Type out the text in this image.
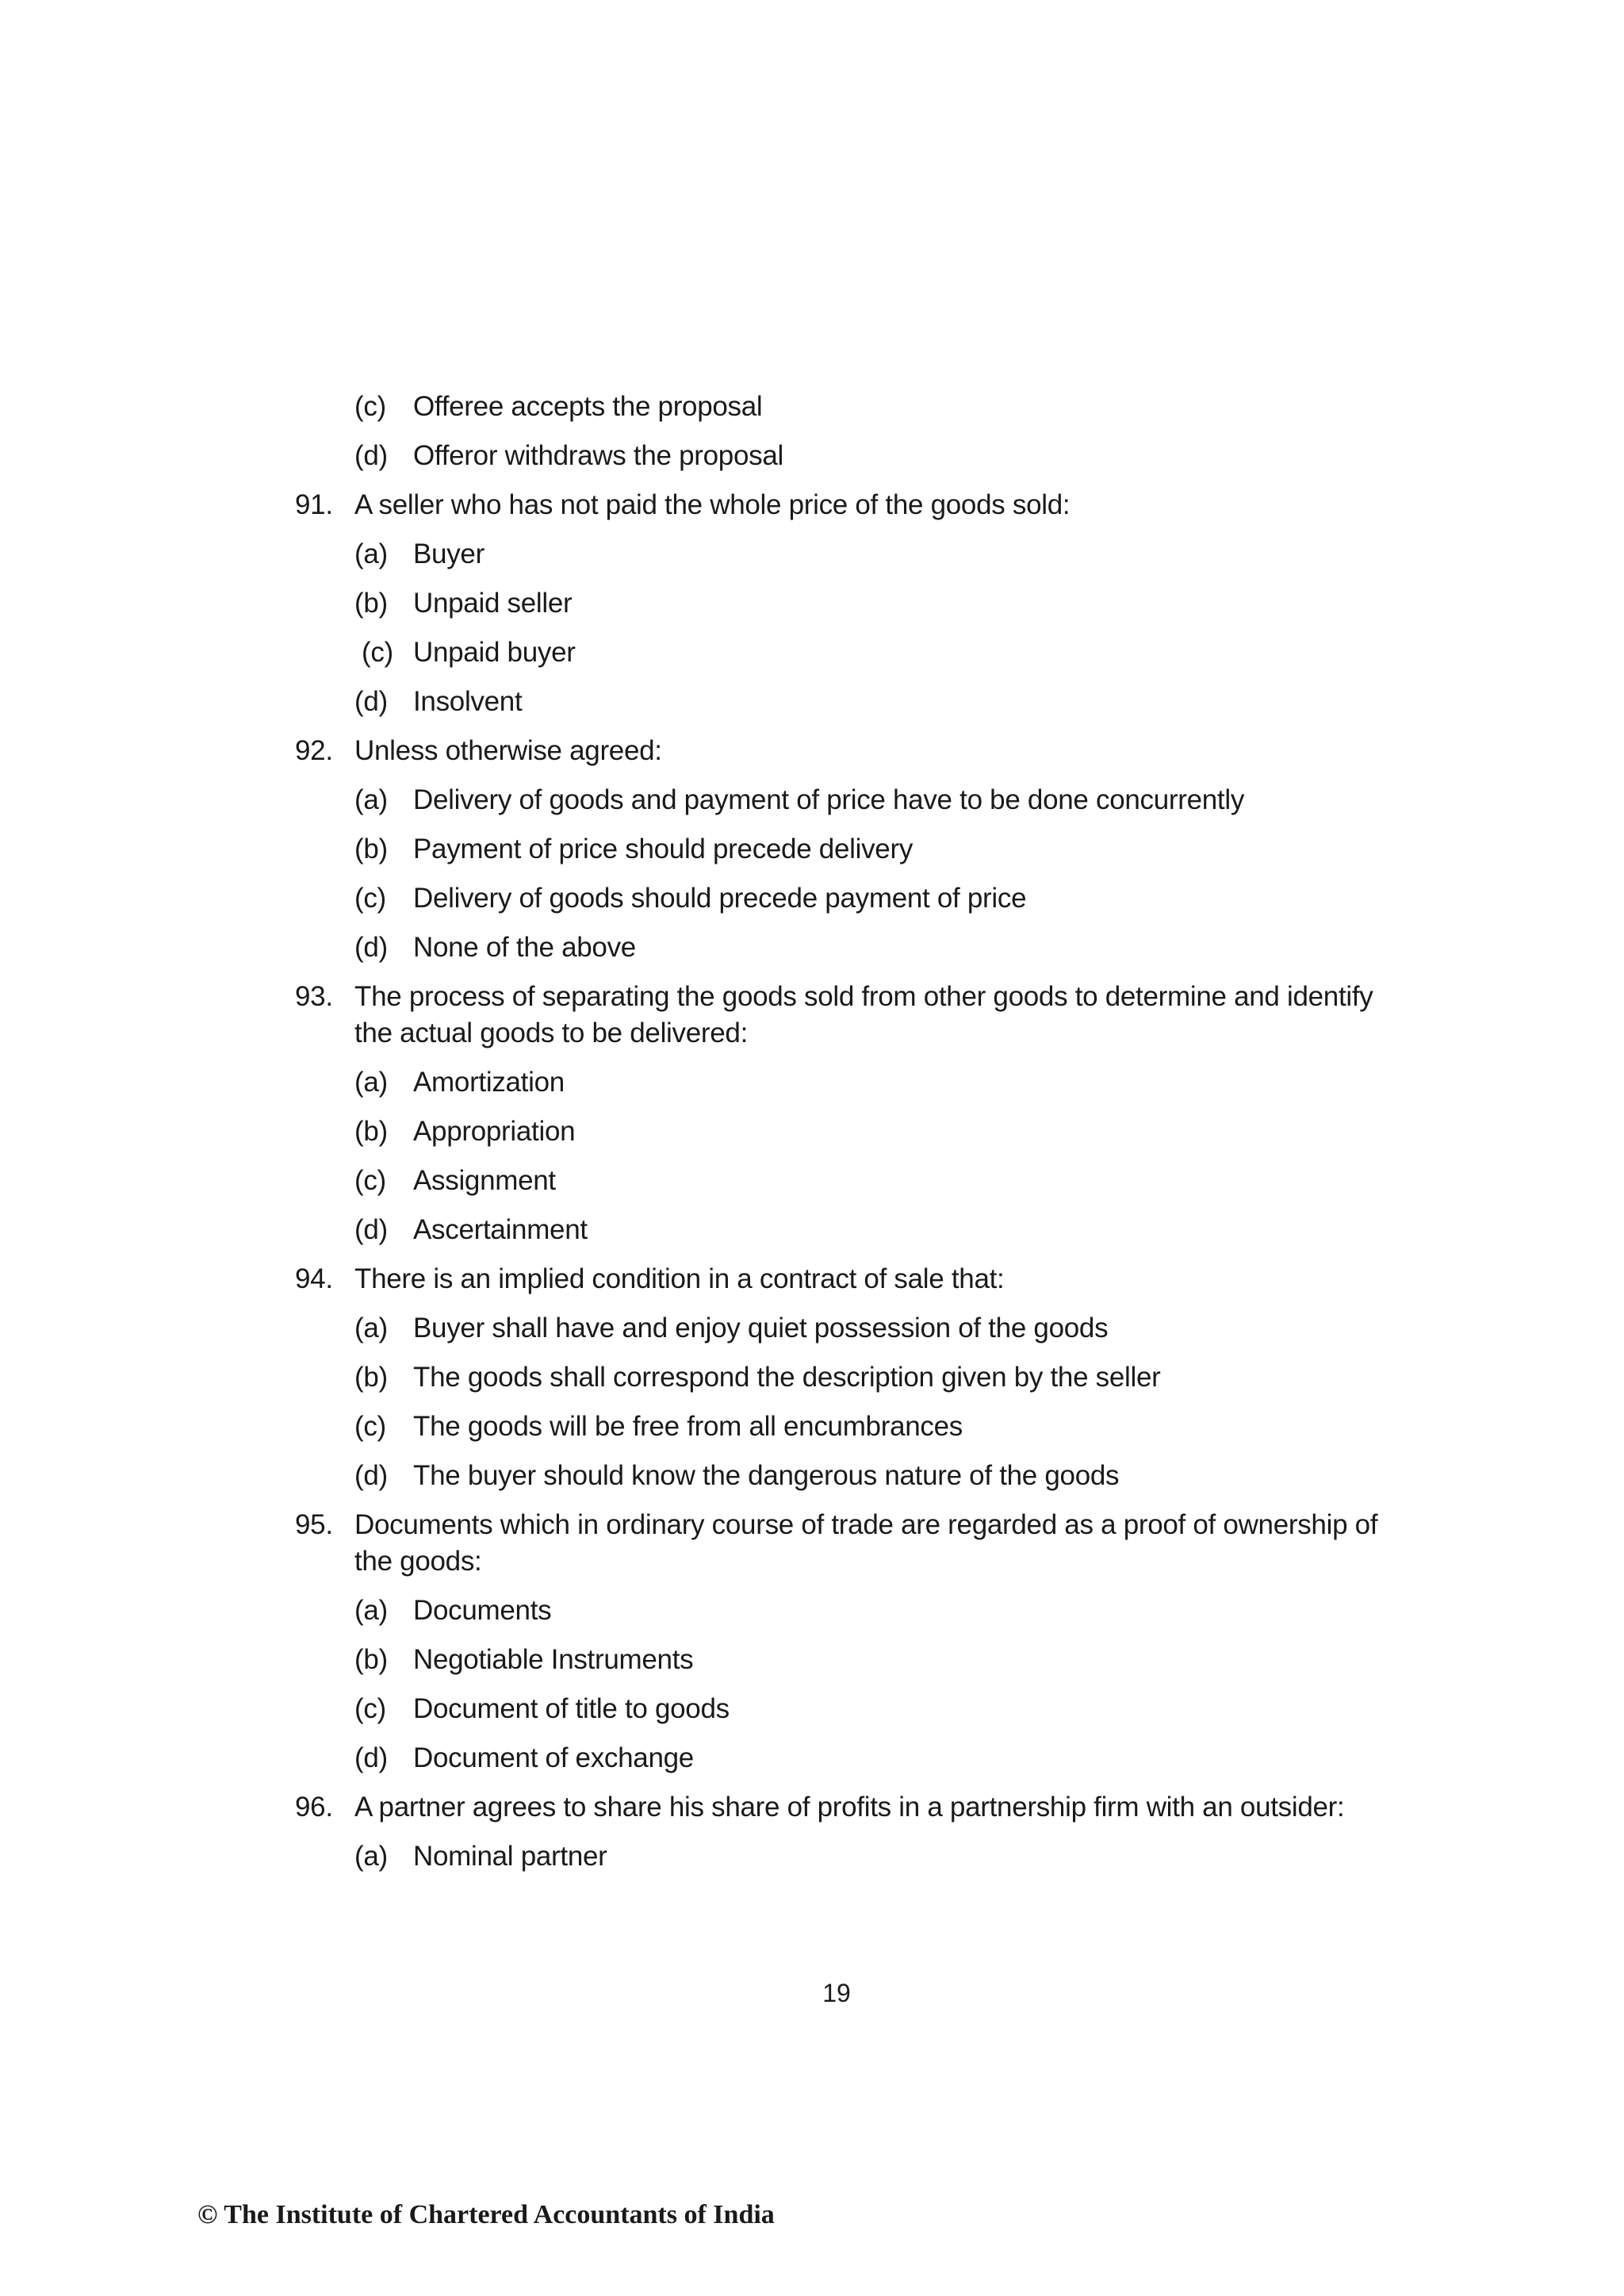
(c) Offeree accepts the proposal
(d) Offeror withdraws the proposal
91. A seller who has not paid the whole price of the goods sold:
(a) Buyer
(b) Unpaid seller
(c) Unpaid buyer
(d) Insolvent
92. Unless otherwise agreed:
(a) Delivery of goods and payment of price have to be done concurrently
(b) Payment of price should precede delivery
(c) Delivery of goods should precede payment of price
(d) None of the above
93. The process of separating the goods sold from other goods to determine and identify the actual goods to be delivered:
(a) Amortization
(b) Appropriation
(c) Assignment
(d) Ascertainment
94. There is an implied condition in a contract of sale that:
(a) Buyer shall have and enjoy quiet possession of the goods
(b) The goods shall correspond the description given by the seller
(c) The goods will be free from all encumbrances
(d) The buyer should know the dangerous nature of the goods
95. Documents which in ordinary course of trade are regarded as a proof of ownership of the goods:
(a) Documents
(b) Negotiable Instruments
(c) Document of title to goods
(d) Document of exchange
96. A partner agrees to share his share of profits in a partnership firm with an outsider:
(a) Nominal partner
19
© The Institute of Chartered Accountants of India
